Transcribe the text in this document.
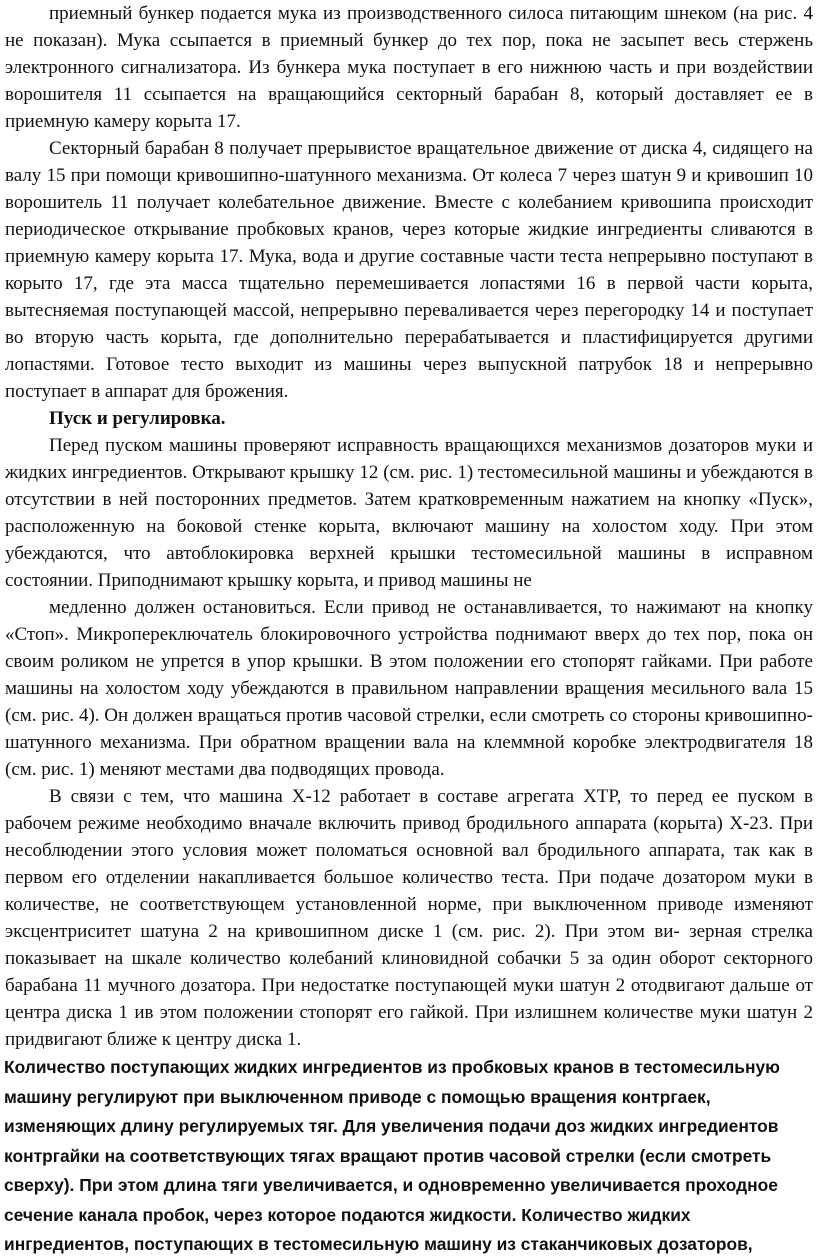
приемный бункер подается мука из производственного силоса питающим шнеком (на рис. 4 не показан). Мука ссыпается в приемный бункер до тех пор, пока не засыпет весь стержень электронного сигнализатора. Из бункера мука поступает в его нижнюю часть и при воздействии ворошителя 11 ссыпается на вращающийся секторный барабан 8, который доставляет ее в приемную камеру корыта 17.

Секторный барабан 8 получает прерывистое вращательное движение от диска 4, сидящего на валу 15 при помощи кривошипно-шатунного механизма. От колеса 7 через шатун 9 и кривошип 10 ворошитель 11 получает колебательное движение. Вместе с колебанием кривошипа происходит периодическое открывание пробковых кранов, через которые жидкие ингредиенты сливаются в приемную камеру корыта 17. Мука, вода и другие составные части теста непрерывно поступают в корыто 17, где эта масса тщательно перемешивается лопастями 16 в первой части корыта, вытесняемая поступающей массой, непрерывно переваливается через перегородку 14 и поступает во вторую часть корыта, где дополнительно перерабатывается и пластифицируется другими лопастями. Готовое тесто выходит из машины через выпускной патрубок 18 и непрерывно поступает в аппарат для брожения.

Пуск и регулировка.

Перед пуском машины проверяют исправность вращающихся механизмов дозаторов муки и жидких ингредиентов. Открывают крышку 12 (см. рис. 1) тестомесильной машины и убеждаются в отсутствии в ней посторонних предметов. Затем кратковременным нажатием на кнопку «Пуск», расположенную на боковой стенке корыта, включают машину на холостом ходу. При этом убеждаются, что автоблокировка верхней крышки тестомесильной машины в исправном состоянии. Приподнимают крышку корыта, и привод машины не

медленно должен остановиться. Если привод не останавливается, то нажимают на кнопку «Стоп». Микропереключатель блокировочного устройства поднимают вверх до тех пор, пока он своим роликом не упрется в упор крышки. В этом положении его стопорят гайками. При работе машины на холостом ходу убеждаются в правильном направлении вращения месильного вала 15 (см. рис. 4). Он должен вращаться против часовой стрелки, если смотреть со стороны кривошипно-шатунного механизма. При обратном вращении вала на клеммной коробке электродвигателя 18 (см. рис. 1) меняют местами два подводящих провода.

В связи с тем, что машина Х-12 работает в составе агрегата ХТР, то перед ее пуском в рабочем режиме необходимо вначале включить привод бродильного аппарата (корыта) Х-23. При несоблюдении этого условия может поломаться основной вал бродильного аппарата, так как в первом его отделении накапливается большое количество теста. При подаче дозатором муки в количестве, не соответствующем установленной норме, при выключенном приводе изменяют эксцентриситет шатуна 2 на кривошипном диске 1 (см. рис. 2). При этом ви- зерная стрелка показывает на шкале количество колебаний клиновидной собачки 5 за один оборот секторного барабана 11 мучного дозатора. При недостатке поступающей муки шатун 2 отодвигают дальше от центра диска 1 ив этом положении стопорят его гайкой. При излишнем количестве муки шатун 2 придвигают ближе к центру диска 1.

Количество поступающих жидких ингредиентов из пробковых кранов в тестомесильную машину регулируют при выключенном приводе с помощью вращения контргаек, изменяющих длину регулируемых тяг. Для увеличения подачи доз жидких ингредиентов контргайки на соответствующих тягах вращают против часовой стрелки (если смотреть сверху). При этом длина тяги увеличивается, и одновременно увеличивается проходное сечение канала пробок, через которое подаются жидкости. Количество жидких ингредиентов, поступающих в тестомесильную машину из стаканчиковых дозаторов,
